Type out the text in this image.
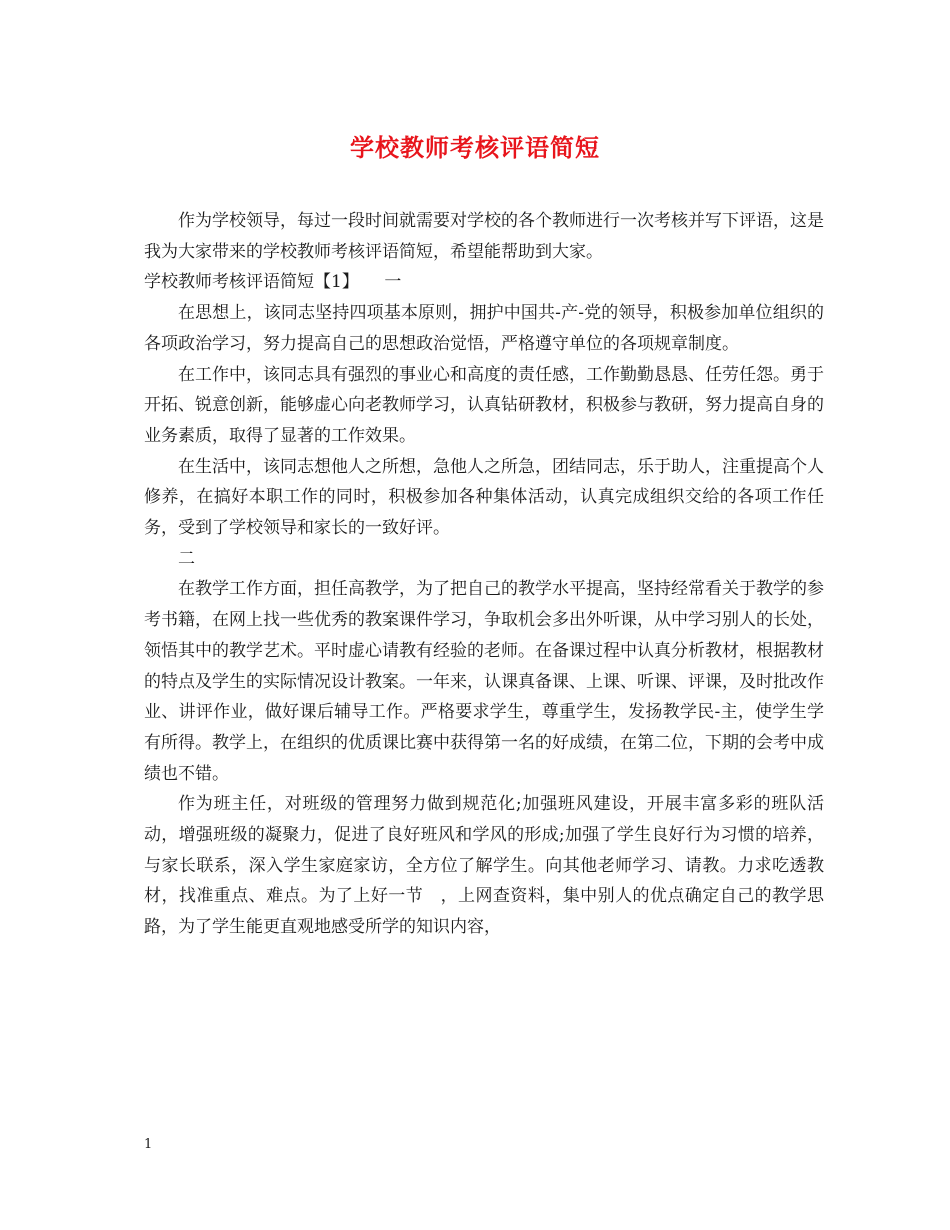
学校教师考核评语简短

作为学校领导，每过一段时间就需要对学校的各个教师进行一次考核并写下评语，这是我为大家带来的学校教师考核评语简短，希望能帮助到大家。

学校教师考核评语简短【1】　　一

在思想上，该同志坚持四项基本原则，拥护中国共-产-党的领导，积极参加单位组织的各项政治学习，努力提高自己的思想政治觉悟，严格遵守单位的各项规章制度。

在工作中，该同志具有强烈的事业心和高度的责任感，工作勤勤恳恳、任劳任怨。勇于开拓、锐意创新，能够虚心向老教师学习，认真钻研教材，积极参与教研，努力提高自身的业务素质，取得了显著的工作效果。

在生活中，该同志想他人之所想，急他人之所急，团结同志，乐于助人，注重提高个人修养，在搞好本职工作的同时，积极参加各种集体活动，认真完成组织交给的各项工作任务，受到了学校领导和家长的一致好评。

二

在教学工作方面，担任高教学，为了把自己的教学水平提高，坚持经常看关于教学的参考书籍，在网上找一些优秀的教案课件学习，争取机会多出外听课，从中学习别人的长处，领悟其中的教学艺术。平时虚心请教有经验的老师。在备课过程中认真分析教材，根据教材的特点及学生的实际情况设计教案。一年来，认课真备课、上课、听课、评课，及时批改作业、讲评作业，做好课后辅导工作。严格要求学生，尊重学生，发扬教学民-主，使学生学有所得。教学上，在组织的优质课比赛中获得第一名的好成绩，在第二位，下期的会考中成绩也不错。

作为班主任，对班级的管理努力做到规范化;加强班风建设，开展丰富多彩的班队活动，增强班级的凝聚力，促进了良好班风和学风的形成;加强了学生良好行为习惯的培养，与家长联系，深入学生家庭家访，全方位了解学生。向其他老师学习、请教。力求吃透教材，找准重点、难点。为了上好一节　，上网查资料，集中别人的优点确定自己的教学思路，为了学生能更直观地感受所学的知识内容，

1
